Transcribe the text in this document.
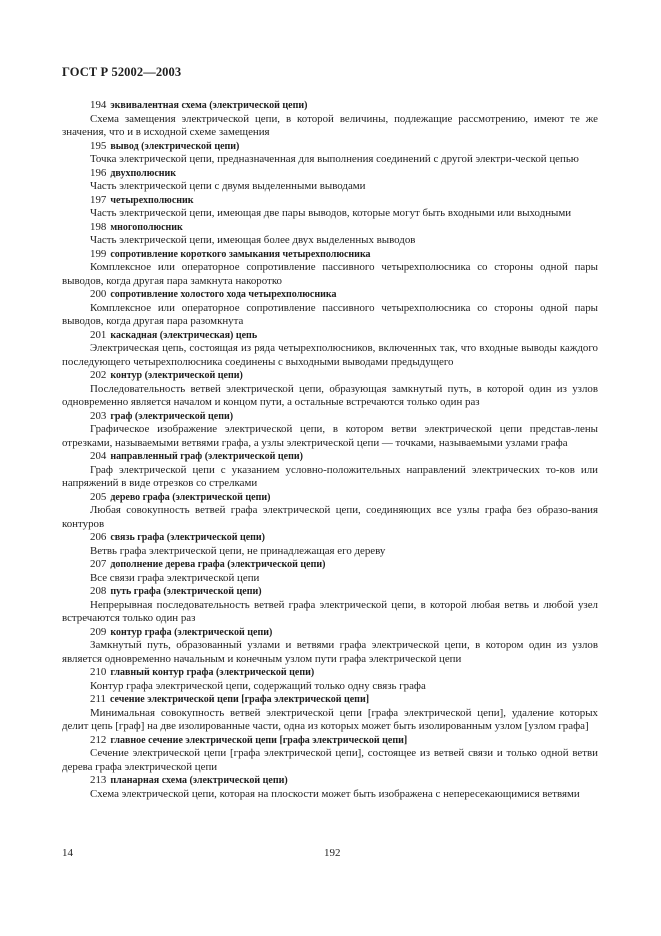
ГОСТ Р 52002—2003
194 эквивалентная схема (электрической цепи)
Схема замещения электрической цепи, в которой величины, подлежащие рассмотрению, имеют те же значения, что и в исходной схеме замещения
195 вывод (электрической цепи)
Точка электрической цепи, предназначенная для выполнения соединений с другой электри-ческой цепью
196 двухполюсник
Часть электрической цепи с двумя выделенными выводами
197 четырехполюсник
Часть электрической цепи, имеющая две пары выводов, которые могут быть входными или выходными
198 многополюсник
Часть электрической цепи, имеющая более двух выделенных выводов
199 сопротивление короткого замыкания четырехполюсника
Комплексное или операторное сопротивление пассивного четырехполюсника со стороны одной пары выводов, когда другая пара замкнута накоротко
200 сопротивление холостого хода четырехполюсника
Комплексное или операторное сопротивление пассивного четырехполюсника со стороны одной пары выводов, когда другая пара разомкнута
201 каскадная (электрическая) цепь
Электрическая цепь, состоящая из ряда четырехполюсников, включенных так, что входные выводы каждого последующего четырехполюсника соединены с выходными выводами предыдущего
202 контур (электрической цепи)
Последовательность ветвей электрической цепи, образующая замкнутый путь, в которой один из узлов одновременно является началом и концом пути, а остальные встречаются только один раз
203 граф (электрической цепи)
Графическое изображение электрической цепи, в котором ветви электрической цепи представ-лены отрезками, называемыми ветвями графа, а узлы электрической цепи — точками, называемыми узлами графа
204 направленный граф (электрической цепи)
Граф электрической цепи с указанием условно-положительных направлений электрических то-ков или напряжений в виде отрезков со стрелками
205 дерево графа (электрической цепи)
Любая совокупность ветвей графа электрической цепи, соединяющих все узлы графа без образо-вания контуров
206 связь графа (электрической цепи)
Ветвь графа электрической цепи, не принадлежащая его дереву
207 дополнение дерева графа (электрической цепи)
Все связи графа электрической цепи
208 путь графа (электрической цепи)
Непрерывная последовательность ветвей графа электрической цепи, в которой любая ветвь и любой узел встречаются только один раз
209 контур графа (электрической цепи)
Замкнутый путь, образованный узлами и ветвями графа электрической цепи, в котором один из узлов является одновременно начальным и конечным узлом пути графа электрической цепи
210 главный контур графа (электрической цепи)
Контур графа электрической цепи, содержащий только одну связь графа
211 сечение электрической цепи [графа электрической цепи]
Минимальная совокупность ветвей электрической цепи [графа электрической цепи], удаление которых делит цепь [граф] на две изолированные части, одна из которых может быть изолированным узлом [узлом графа]
212 главное сечение электрической цепи [графа электрической цепи]
Сечение электрической цепи [графа электрической цепи], состоящее из ветвей связи и только одной ветви дерева графа электрической цепи
213 планарная схема (электрической цепи)
Схема электрической цепи, которая на плоскости может быть изображена с непересекающимися ветвями
14	192
